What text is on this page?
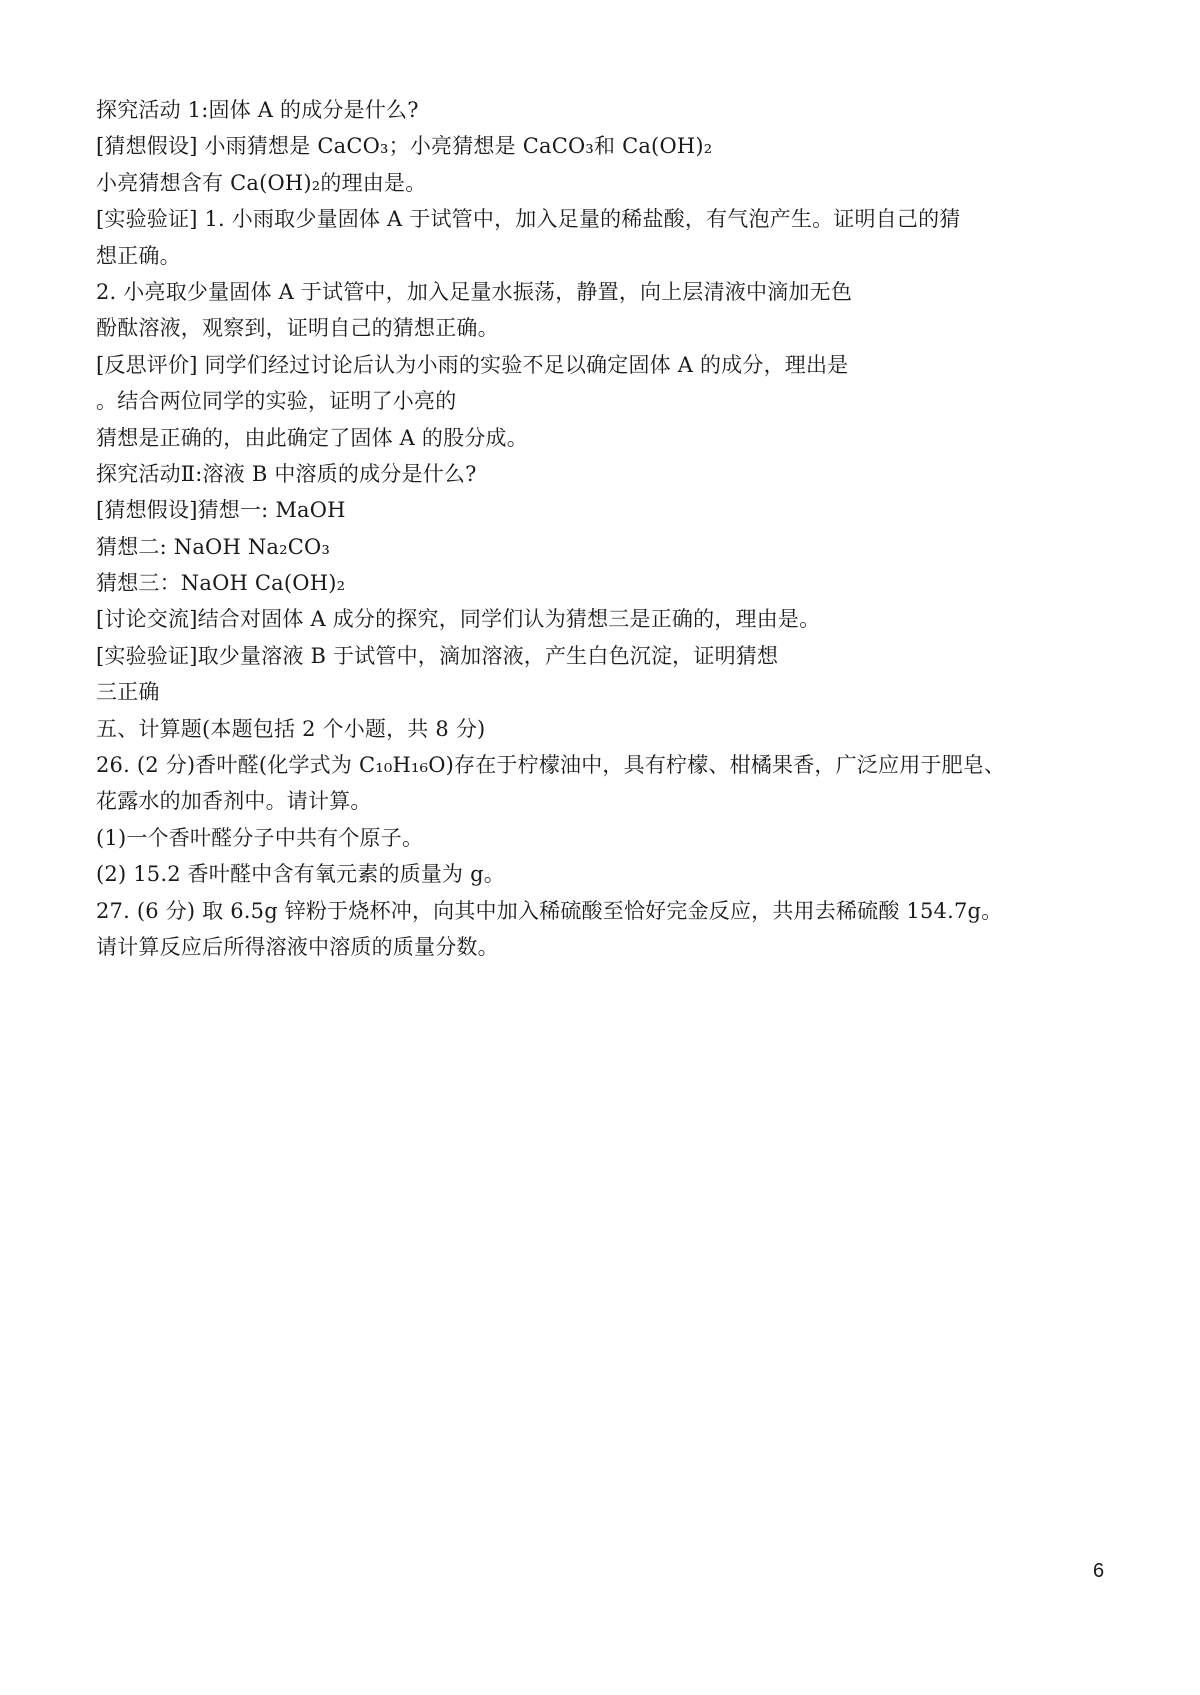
探究活动 1:固体 A 的成分是什么?
[猜想假设] 小雨猜想是 CaCO₃；小亮猜想是 CaCO₃和 Ca(OH)₂
小亮猜想含有 Ca(OH)₂的理由是。
[实验验证] 1. 小雨取少量固体 A 于试管中，加入足量的稀盐酸，有气泡产生。证明自己的猜
想正确。
2. 小亮取少量固体 A 于试管中，加入足量水振荡，静置，向上层清液中滴加无色
酚酞溶液，观察到，证明自己的猜想正确。
[反思评价] 同学们经过讨论后认为小雨的实验不足以确定固体 A 的成分，理出是
。结合两位同学的实验，证明了小亮的
猜想是正确的，由此确定了固体 A 的股分成。
探究活动Ⅱ:溶液 B 中溶质的成分是什么?
[猜想假设]猜想一: MaOH
猜想二: NaOH Na₂CO₃
猜想三：NaOH Ca(OH)₂
[讨论交流]结合对固体 A 成分的探究，同学们认为猜想三是正确的，理由是。
[实验验证]取少量溶液 B 于试管中，滴加溶液，产生白色沉淀，证明猜想
三正确
五、计算题(本题包括 2 个小题，共 8 分)
26. (2 分)香叶醛(化学式为 C₁₀H₁₆O)存在于柠檬油中，具有柠檬、柑橘果香，广泛应用于肥皂、
花露水的加香剂中。请计算。
(1)一个香叶醛分子中共有个原子。
(2) 15.2 香叶醛中含有氧元素的质量为 g。
27. (6 分) 取 6.5g 锌粉于烧杯冲，向其中加入稀硫酸至恰好完金反应，共用去稀硫酸 154.7g。
请计算反应后所得溶液中溶质的质量分数。
6
